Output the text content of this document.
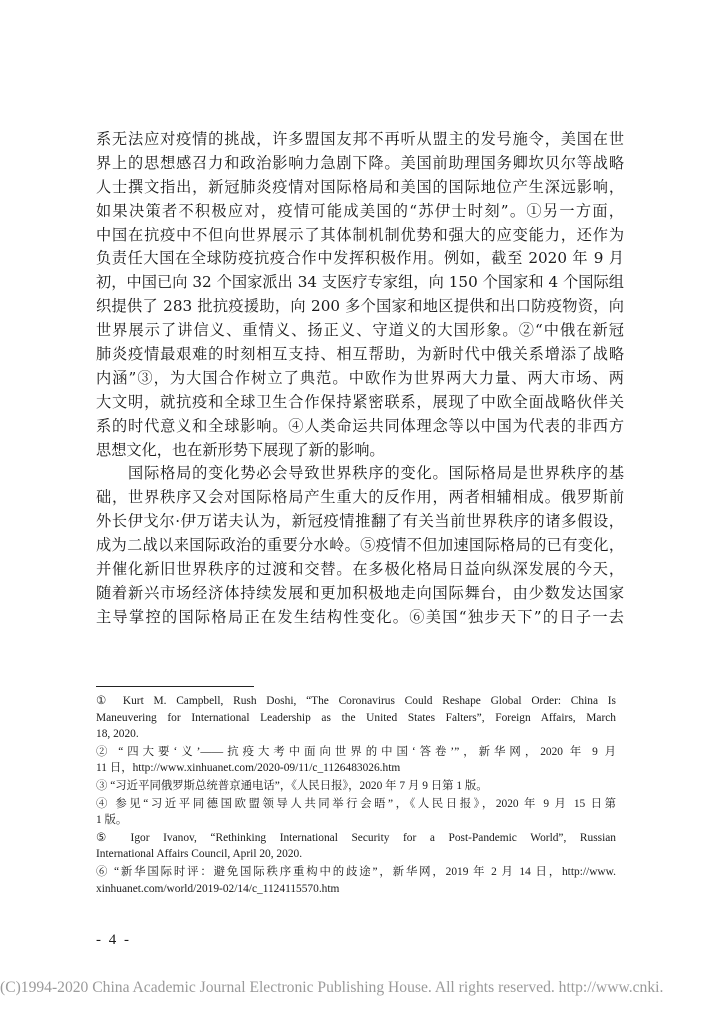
系无法应对疫情的挑战，许多盟国友邦不再听从盟主的发号施令，美国在世
界上的思想感召力和政治影响力急剧下降。美国前助理国务卿坎贝尔等战略
人士撰文指出，新冠肺炎疫情对国际格局和美国的国际地位产生深远影响，
如果决策者不积极应对，疫情可能成美国的“苏伊士时刻”。①另一方面，
中国在抗疫中不但向世界展示了其体制机制优势和强大的应变能力，还作为
负责任大国在全球防疫抗疫合作中发挥积极作用。例如，截至 2020 年 9 月
初，中国已向 32 个国家派出 34 支医疗专家组，向 150 个国家和 4 个国际组
织提供了 283 批抗疫援助，向 200 多个国家和地区提供和出口防疫物资，向
世界展示了讲信义、重情义、扬正义、守道义的大国形象。②“中俄在新冠
肺炎疫情最艰难的时刻相互支持、相互帮助，为新时代中俄关系增添了战略
内涵”③，为大国合作树立了典范。中欧作为世界两大力量、两大市场、两
大文明，就抗疫和全球卫生合作保持紧密联系，展现了中欧全面战略伙伴关
系的时代意义和全球影响。④人类命运共同体理念等以中国为代表的非西方
思想文化，也在新形势下展现了新的影响。
　　国际格局的变化势必会导致世界秩序的变化。国际格局是世界秩序的基
础，世界秩序又会对国际格局产生重大的反作用，两者相辅相成。俄罗斯前
外长伊戈尔·伊万诺夫认为，新冠疫情推翻了有关当前世界秩序的诸多假设，
成为二战以来国际政治的重要分水岭。⑤疫情不但加速国际格局的已有变化，
并催化新旧世界秩序的过渡和交替。在多极化格局日益向纵深发展的今天，
随着新兴市场经济体持续发展和更加积极地走向国际舞台，由少数发达国家
主导掌控的国际格局正在发生结构性变化。⑥美国“独步天下”的日子一去
① Kurt M. Campbell, Rush Doshi, “The Coronavirus Could Reshape Global Order: China Is
Maneuvering for International Leadership as the United States Falters”, Foreign Affairs, March
18, 2020.
② “四大要‘义’——抗疫大考中面向世界的中国‘答卷’”，新华网，2020 年 9 月
11 日，http://www.xinhuanet.com/2020-09/11/c_1126483026.htm
③ “习近平同俄罗斯总统普京通电话”，《人民日报》，2020 年 7 月 9 日第 1 版。
④ 参见“习近平同德国欧盟领导人共同举行会晤”，《人民日报》，2020 年 9 月 15 日第
1 版。
⑤ Igor Ivanov, “Rethinking International Security for a Post-Pandemic World”, Russian
International Affairs Council, April 20, 2020.
⑥ “新华国际时评：避免国际秩序重构中的歧途”，新华网，2019 年 2 月 14 日，http://www.
xinhuanet.com/world/2019-02/14/c_1124115570.htm
- 4 -
(C)1994-2020 China Academic Journal Electronic Publishing House. All rights reserved. http://www.cnki.
